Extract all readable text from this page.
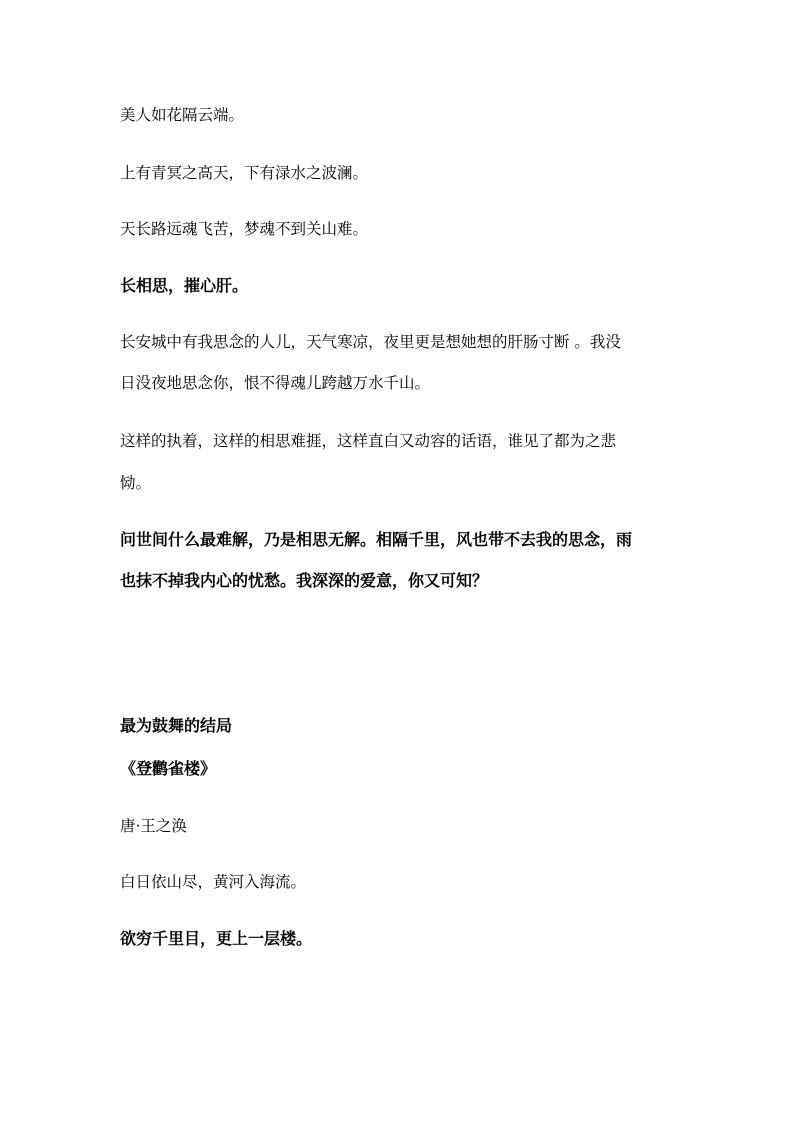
美人如花隔云端。

上有青冥之高天，下有渌水之波澜。

天长路远魂飞苦，梦魂不到关山难。

长相思，摧心肝。

长安城中有我思念的人儿，天气寒凉，夜里更是想她想的肝肠寸断 。我没

日没夜地思念你，恨不得魂儿跨越万水千山。

这样的执着，这样的相思难捱，这样直白又动容的话语，谁见了都为之悲

恸。

问世间什么最难解，乃是相思无解。相隔千里，风也带不去我的思念，雨

也抹不掉我内心的忧愁。我深深的爱意，你又可知？

最为鼓舞的结局

《登鹳雀楼》

唐·王之涣

白日依山尽，黄河入海流。

欲穷千里目，更上一层楼。
